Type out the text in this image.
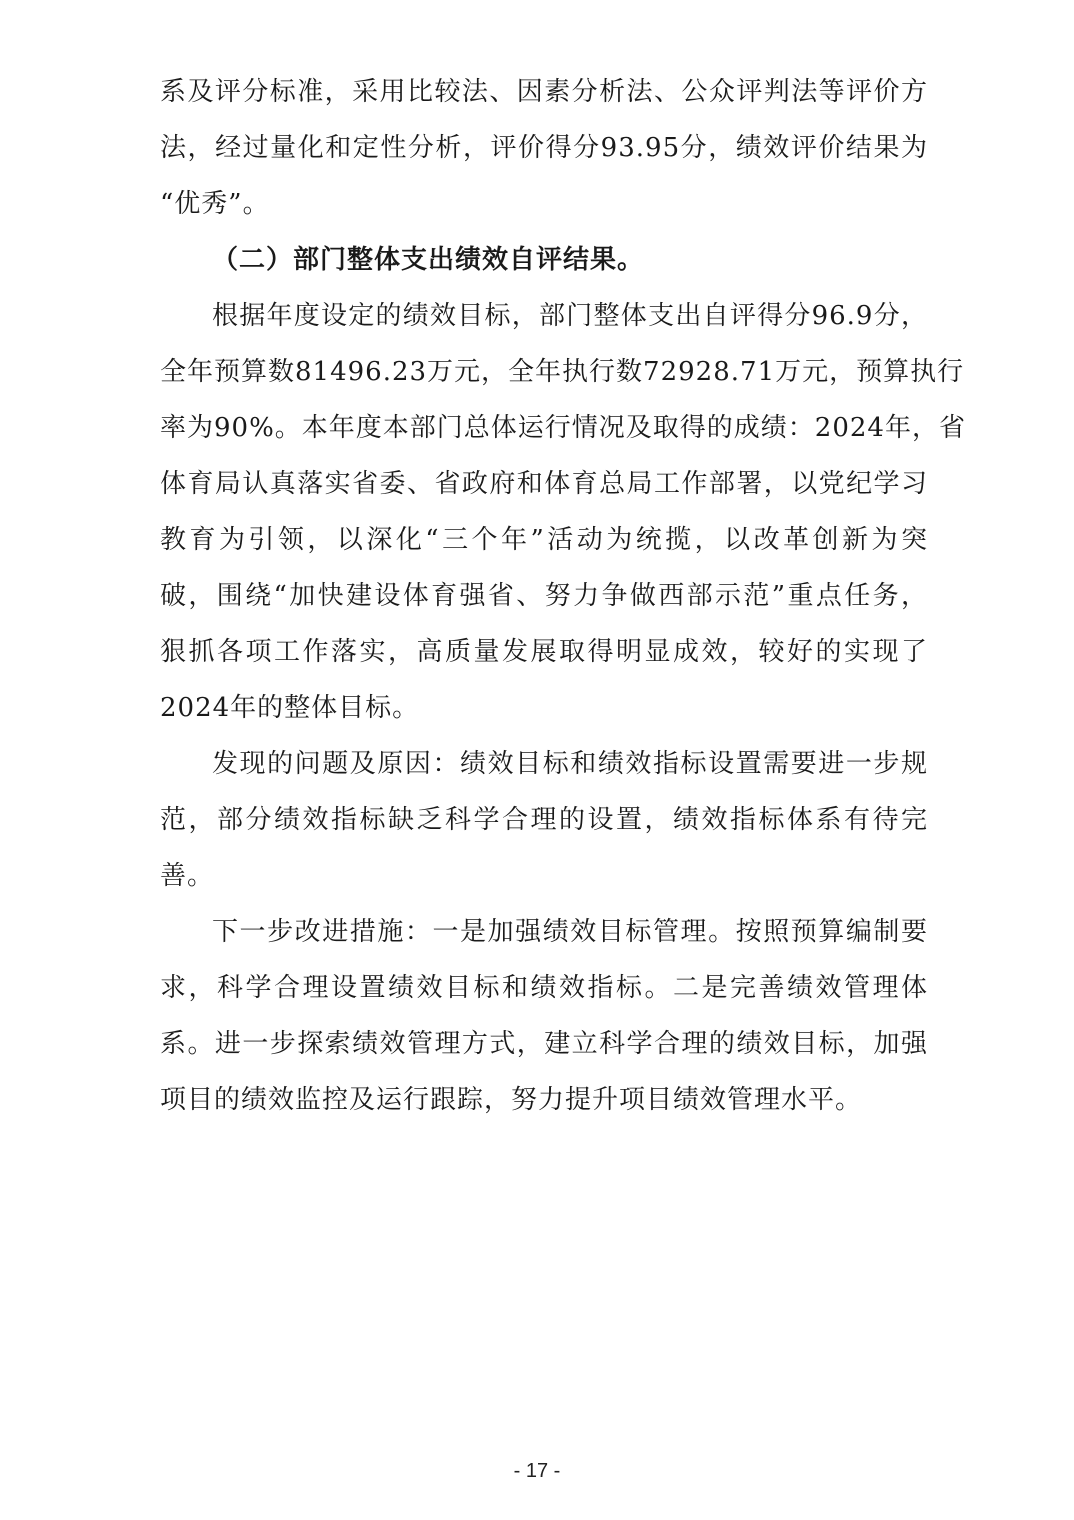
系及评分标准，采用比较法、因素分析法、公众评判法等评价方
法，经过量化和定性分析，评价得分93.95分，绩效评价结果为
“优秀”。
（二）部门整体支出绩效自评结果。
根据年度设定的绩效目标，部门整体支出自评得分96.9分，
全年预算数81496.23万元，全年执行数72928.71万元，预算执行
率为90%。本年度本部门总体运行情况及取得的成绩：2024年，省
体育局认真落实省委、省政府和体育总局工作部署，以党纪学习
教育为引领，以深化“三个年”活动为统揽，以改革创新为突
破，围绕“加快建设体育强省、努力争做西部示范”重点任务，
狠抓各项工作落实，高质量发展取得明显成效，较好的实现了
2024年的整体目标。
发现的问题及原因：绩效目标和绩效指标设置需要进一步规
范，部分绩效指标缺乏科学合理的设置，绩效指标体系有待完
善。
下一步改进措施：一是加强绩效目标管理。按照预算编制要
求，科学合理设置绩效目标和绩效指标。二是完善绩效管理体
系。进一步探索绩效管理方式，建立科学合理的绩效目标，加强
项目的绩效监控及运行跟踪，努力提升项目绩效管理水平。
- 17 -
